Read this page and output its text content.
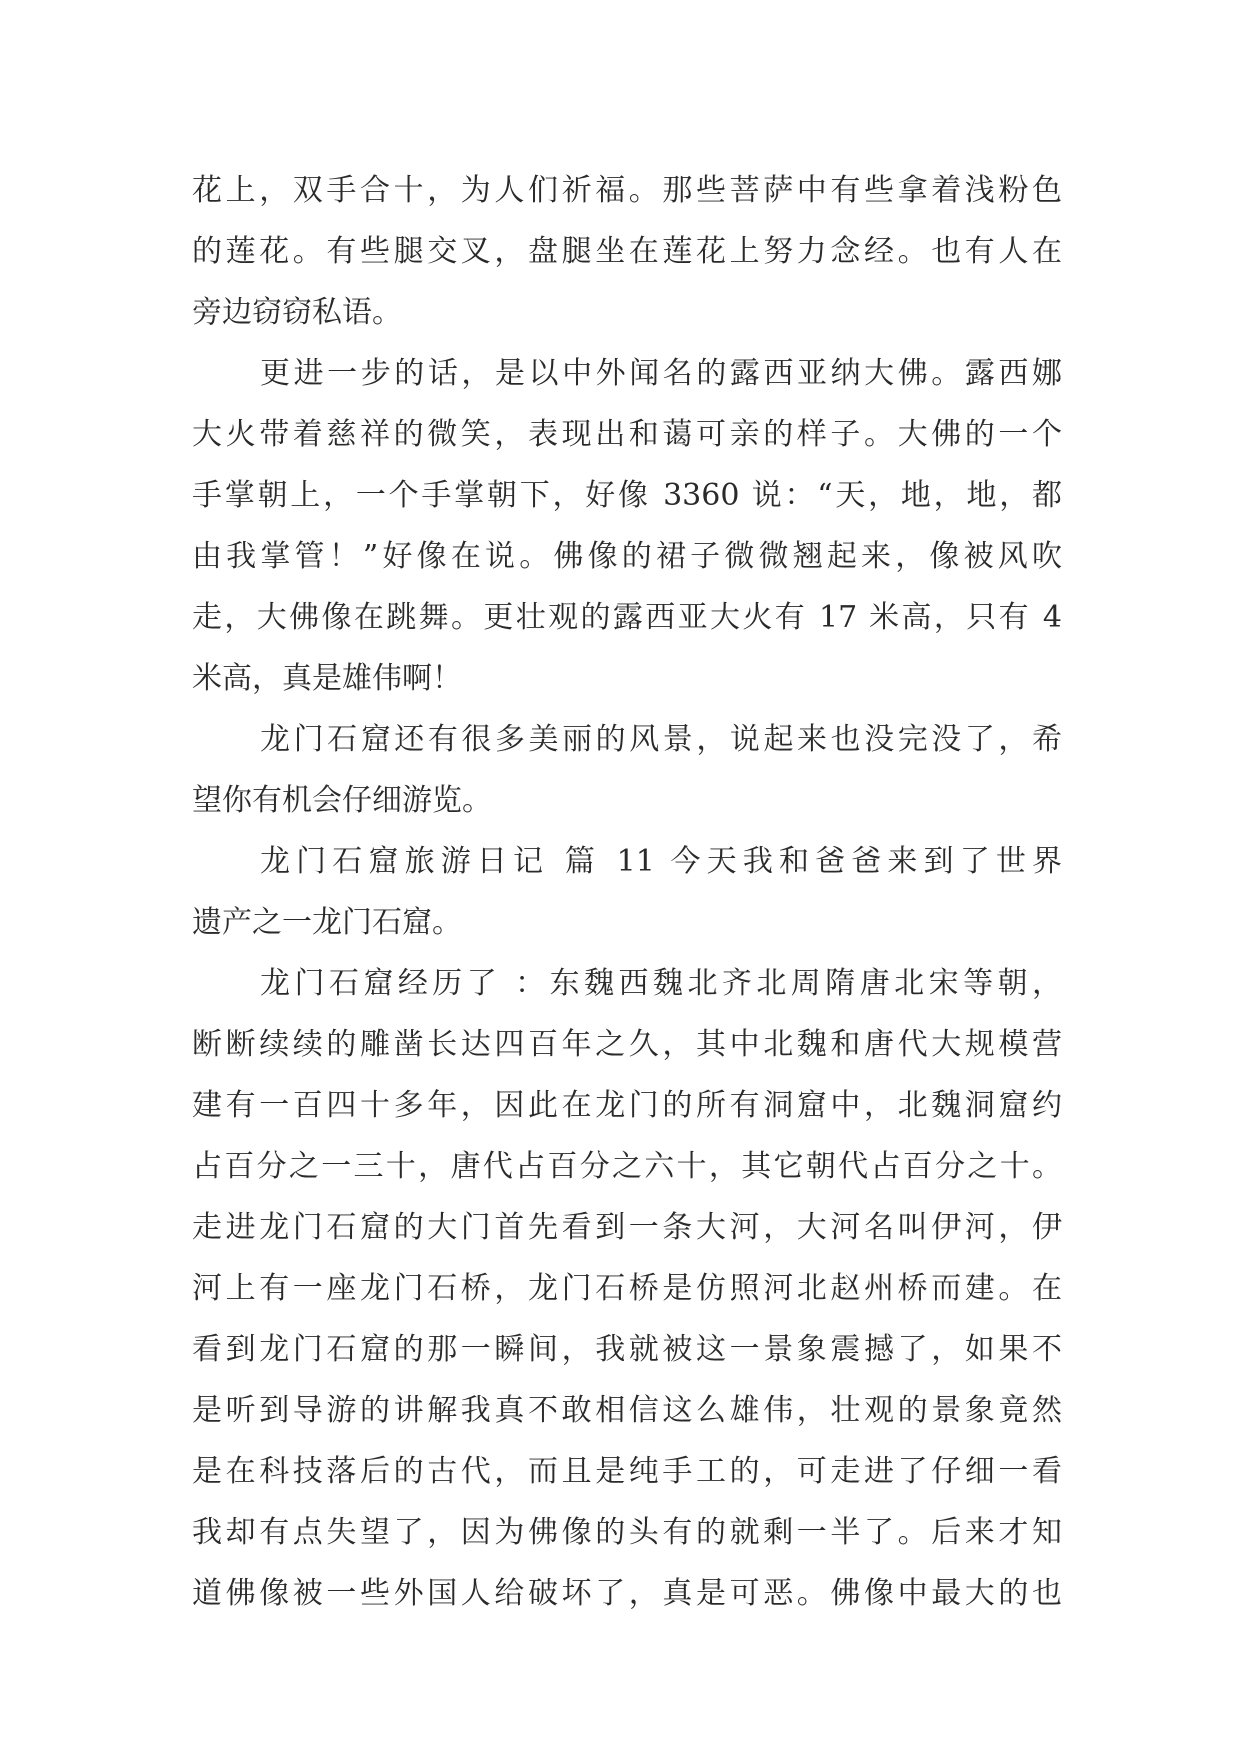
花上，双手合十，为人们祈福。那些菩萨中有些拿着浅粉色
的莲花。有些腿交叉，盘腿坐在莲花上努力念经。也有人在
旁边窃窃私语。
更进一步的话，是以中外闻名的露西亚纳大佛。露西娜
大火带着慈祥的微笑，表现出和蔼可亲的样子。大佛的一个
手掌朝上，一个手掌朝下，好像 3360 说：“天，地，地，都
由我掌管！”好像在说。佛像的裙子微微翘起来，像被风吹
走，大佛像在跳舞。更壮观的露西亚大火有 17 米高，只有 4
米高，真是雄伟啊！
龙门石窟还有很多美丽的风景，说起来也没完没了，希
望你有机会仔细游览。
龙门石窟旅游日记 篇 11 今天我和爸爸来到了世界
遗产之一龙门石窟。
龙门石窟经历了 ：东魏西魏北齐北周隋唐北宋等朝，
断断续续的雕凿长达四百年之久，其中北魏和唐代大规模营
建有一百四十多年，因此在龙门的所有洞窟中，北魏洞窟约
占百分之一三十，唐代占百分之六十，其它朝代占百分之十。
走进龙门石窟的大门首先看到一条大河，大河名叫伊河，伊
河上有一座龙门石桥，龙门石桥是仿照河北赵州桥而建。在
看到龙门石窟的那一瞬间，我就被这一景象震撼了，如果不
是听到导游的讲解我真不敢相信这么雄伟，壮观的景象竟然
是在科技落后的古代，而且是纯手工的，可走进了仔细一看
我却有点失望了，因为佛像的头有的就剩一半了。后来才知
道佛像被一些外国人给破坏了，真是可恶。佛像中最大的也
